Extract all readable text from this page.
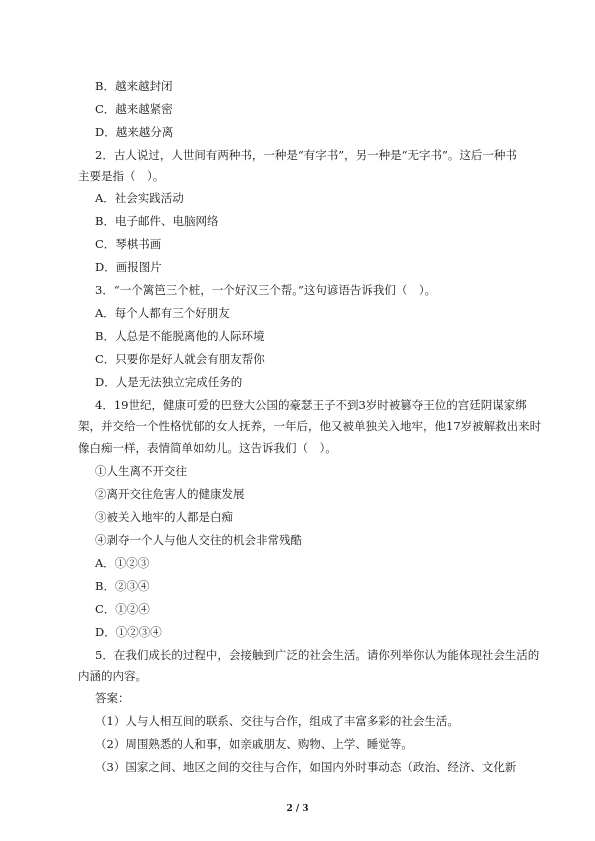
B．越来越封闭
C．越来越紧密
D．越来越分离
2．古人说过，人世间有两种书，一种是“有字书”，另一种是“无字书”。这后一种书
主要是指（　）。
A．社会实践活动
B．电子邮件、电脑网络
C．琴棋书画
D．画报图片
3．“一个篱笆三个桩，一个好汉三个帮。”这句谚语告诉我们（　）。
A．每个人都有三个好朋友
B．人总是不能脱离他的人际环境
C．只要你是好人就会有朋友帮你
D．人是无法独立完成任务的
4．19世纪，健康可爱的巴登大公国的豪瑟王子不到3岁时被篡夺王位的宫廷阴谋家绑
架，并交给一个性格忧郁的女人抚养，一年后，他又被单独关入地牢，他17岁被解救出来时
像白痴一样，表情简单如幼儿。这告诉我们（　）。
①人生离不开交往
②离开交往危害人的健康发展
③被关入地牢的人都是白痴
④剥夺一个人与他人交往的机会非常残酷
A．①②③
B．②③④
C．①②④
D．①②③④
5．在我们成长的过程中，会接触到广泛的社会生活。请你列举你认为能体现社会生活的
内涵的内容。
答案：
（1）人与人相互间的联系、交往与合作，组成了丰富多彩的社会生活。
（2）周围熟悉的人和事，如亲戚朋友、购物、上学、睡觉等。
（3）国家之间、地区之间的交往与合作，如国内外时事动态（政治、经济、文化新
2 / 3
